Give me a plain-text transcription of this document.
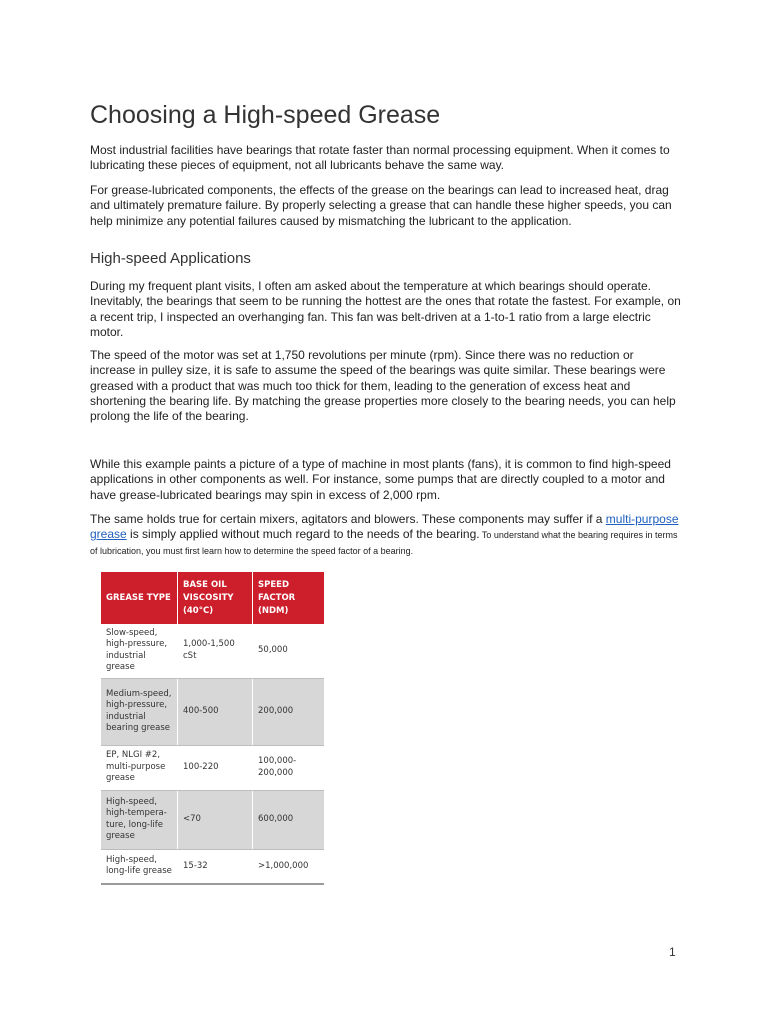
Choosing a High-speed Grease

Most industrial facilities have bearings that rotate faster than normal processing equipment. When it comes to lubricating these pieces of equipment, not all lubricants behave the same way.

For grease-lubricated components, the effects of the grease on the bearings can lead to increased heat, drag and ultimately premature failure. By properly selecting a grease that can handle these higher speeds, you can help minimize any potential failures caused by mismatching the lubricant to the application.

High-speed Applications

During my frequent plant visits, I often am asked about the temperature at which bearings should operate. Inevitably, the bearings that seem to be running the hottest are the ones that rotate the fastest. For example, on a recent trip, I inspected an overhanging fan. This fan was belt-driven at a 1-to-1 ratio from a large electric motor.

The speed of the motor was set at 1,750 revolutions per minute (rpm). Since there was no reduction or increase in pulley size, it is safe to assume the speed of the bearings was quite similar. These bearings were greased with a product that was much too thick for them, leading to the generation of excess heat and shortening the bearing life. By matching the grease properties more closely to the bearing needs, you can help prolong the life of the bearing.

While this example paints a picture of a type of machine in most plants (fans), it is common to find high-speed applications in other components as well. For instance, some pumps that are directly coupled to a motor and have grease-lubricated bearings may spin in excess of 2,000 rpm.

The same holds true for certain mixers, agitators and blowers. These components may suffer if a multi-purpose grease is simply applied without much regard to the needs of the bearing. To understand what the bearing requires in terms of lubrication, you must first learn how to determine the speed factor of a bearing.

GREASE TYPE	BASE OIL VISCOSITY (40°C)	SPEED FACTOR (NDM)
Slow-speed, high-pressure, industrial grease	1,000-1,500 cSt	50,000
Medium-speed, high-pressure, industrial bearing grease	400-500	200,000
EP, NLGI #2, multi-purpose grease	100-220	100,000-200,000
High-speed, high-tempera-ture, long-life grease	<70	600,000
High-speed, long-life grease	15-32	>1,000,000
1
